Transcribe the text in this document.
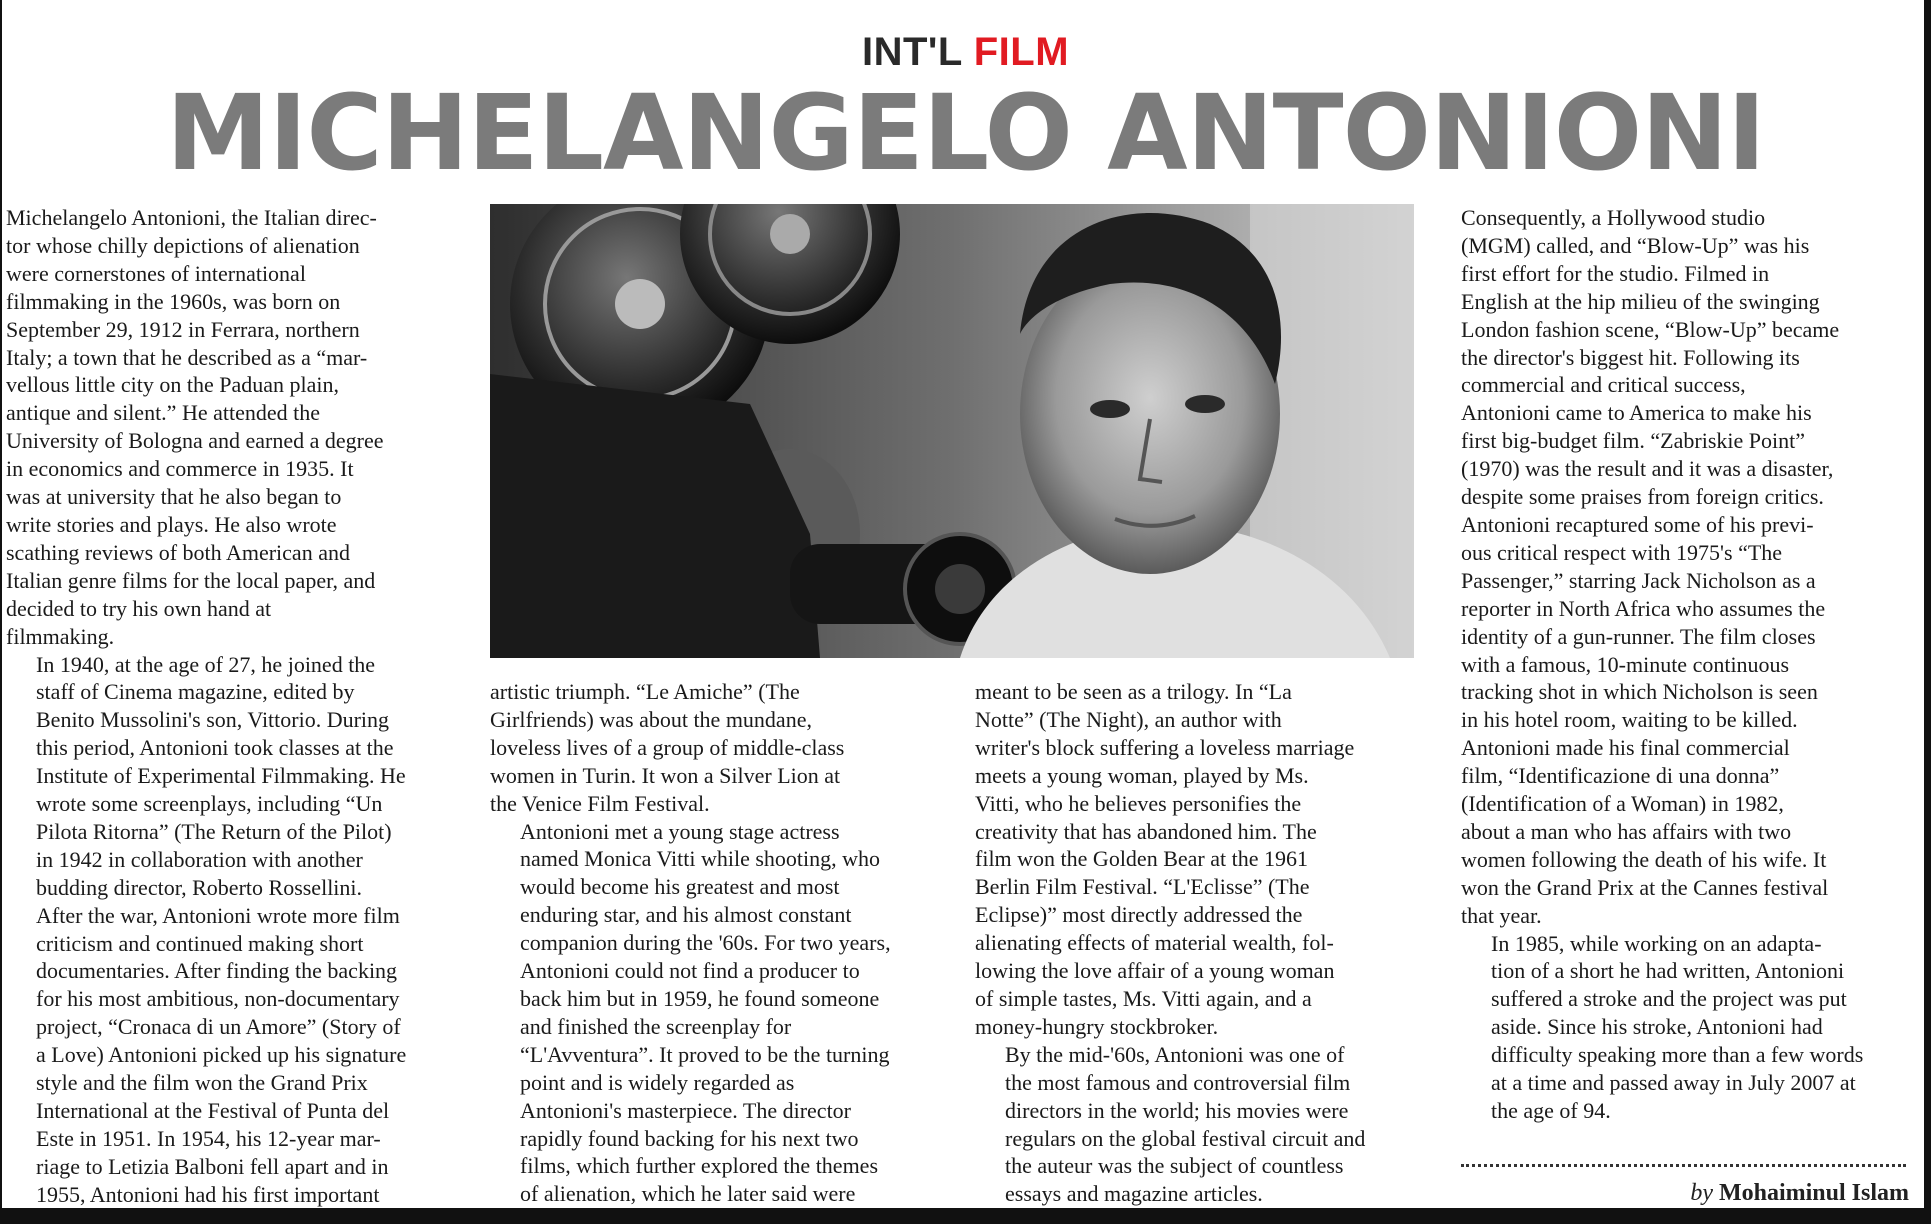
INT'L FILM
MICHELANGELO ANTONIONI

Michelangelo Antonioni, the Italian direc-
tor whose chilly depictions of alienation
were cornerstones of international
filmmaking in the 1960s, was born on
September 29, 1912 in Ferrara, northern
Italy; a town that he described as a “mar-
vellous little city on the Paduan plain,
antique and silent.” He attended the
University of Bologna and earned a degree
in economics and commerce in 1935. It
was at university that he also began to
write stories and plays. He also wrote
scathing reviews of both American and
Italian genre films for the local paper, and
decided to try his own hand at
filmmaking.

In 1940, at the age of 27, he joined the
staff of Cinema magazine, edited by
Benito Mussolini's son, Vittorio. During
this period, Antonioni took classes at the
Institute of Experimental Filmmaking. He
wrote some screenplays, including “Un
Pilota Ritorna” (The Return of the Pilot)
in 1942 in collaboration with another
budding director, Roberto Rossellini.
After the war, Antonioni wrote more film
criticism and continued making short
documentaries. After finding the backing
for his most ambitious, non-documentary
project, “Cronaca di un Amore” (Story of
a Love) Antonioni picked up his signature
style and the film won the Grand Prix
International at the Festival of Punta del
Este in 1951. In 1954, his 12-year mar-
riage to Letizia Balboni fell apart and in
1955, Antonioni had his first important

artistic triumph. “Le Amiche” (The
Girlfriends) was about the mundane,
loveless lives of a group of middle-class
women in Turin. It won a Silver Lion at
the Venice Film Festival.

Antonioni met a young stage actress
named Monica Vitti while shooting, who
would become his greatest and most
enduring star, and his almost constant
companion during the '60s. For two years,
Antonioni could not find a producer to
back him but in 1959, he found someone
and finished the screenplay for
“L'Avventura”. It proved to be the turning
point and is widely regarded as
Antonioni's masterpiece. The director
rapidly found backing for his next two
films, which further explored the themes
of alienation, which he later said were

meant to be seen as a trilogy. In “La
Notte” (The Night), an author with
writer's block suffering a loveless marriage
meets a young woman, played by Ms.
Vitti, who he believes personifies the
creativity that has abandoned him. The
film won the Golden Bear at the 1961
Berlin Film Festival. “L'Eclisse” (The
Eclipse)” most directly addressed the
alienating effects of material wealth, fol-
lowing the love affair of a young woman
of simple tastes, Ms. Vitti again, and a
money-hungry stockbroker.

By the mid-'60s, Antonioni was one of
the most famous and controversial film
directors in the world; his movies were
regulars on the global festival circuit and
the auteur was the subject of countless
essays and magazine articles.

Consequently, a Hollywood studio
(MGM) called, and “Blow-Up” was his
first effort for the studio. Filmed in
English at the hip milieu of the swinging
London fashion scene, “Blow-Up” became
the director's biggest hit. Following its
commercial and critical success,
Antonioni came to America to make his
first big-budget film. “Zabriskie Point”
(1970) was the result and it was a disaster,
despite some praises from foreign critics.
Antonioni recaptured some of his previ-
ous critical respect with 1975's “The
Passenger,” starring Jack Nicholson as a
reporter in North Africa who assumes the
identity of a gun-runner. The film closes
with a famous, 10-minute continuous
tracking shot in which Nicholson is seen
in his hotel room, waiting to be killed.
Antonioni made his final commercial
film, “Identificazione di una donna”
(Identification of a Woman) in 1982,
about a man who has affairs with two
women following the death of his wife. It
won the Grand Prix at the Cannes festival
that year.

In 1985, while working on an adapta-
tion of a short he had written, Antonioni
suffered a stroke and the project was put
aside. Since his stroke, Antonioni had
difficulty speaking more than a few words
at a time and passed away in July 2007 at
the age of 94.

by Mohaiminul Islam
